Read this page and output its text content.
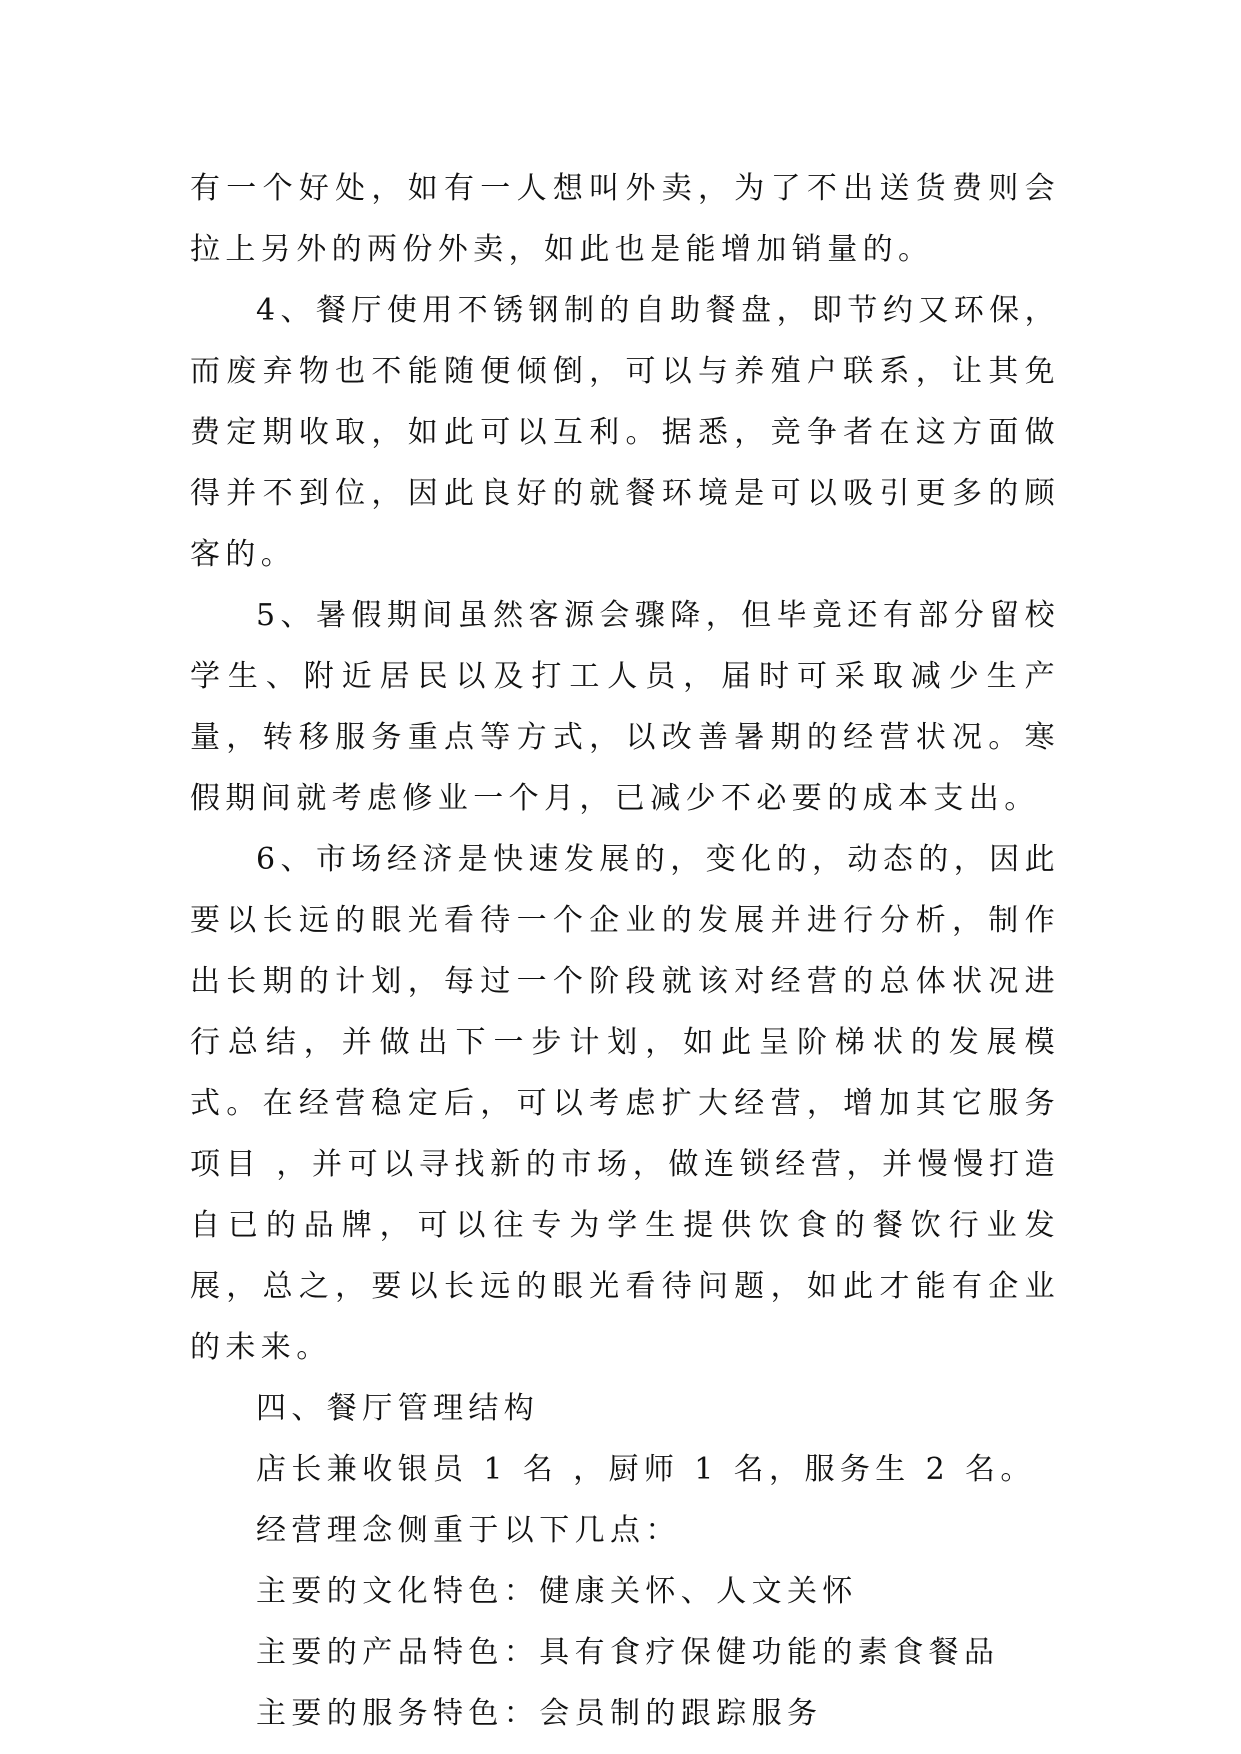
有一个好处，如有一人想叫外卖，为了不出送货费则会拉上另外的两份外卖，如此也是能增加销量的。

4、餐厅使用不锈钢制的自助餐盘，即节约又环保，而废弃物也不能随便倾倒，可以与养殖户联系，让其免费定期收取，如此可以互利。据悉，竞争者在这方面做得并不到位，因此良好的就餐环境是可以吸引更多的顾客的。

5、暑假期间虽然客源会骤降，但毕竟还有部分留校学生、附近居民以及打工人员，届时可采取减少生产量，转移服务重点等方式，以改善暑期的经营状况。寒假期间就考虑修业一个月，已减少不必要的成本支出。

6、市场经济是快速发展的，变化的，动态的，因此要以长远的眼光看待一个企业的发展并进行分析，制作出长期的计划，每过一个阶段就该对经营的总体状况进行总结，并做出下一步计划，如此呈阶梯状的发展模式。在经营稳定后，可以考虑扩大经营，增加其它服务项目 ，并可以寻找新的市场，做连锁经营，并慢慢打造自已的品牌，可以往专为学生提供饮食的餐饮行业发展，总之，要以长远的眼光看待问题，如此才能有企业的未来。

四、餐厅管理结构

店长兼收银员 1 名 ，厨师 1 名，服务生 2 名。

经营理念侧重于以下几点：

主要的文化特色：健康关怀、人文关怀

主要的产品特色：具有食疗保健功能的素食餐品

主要的服务特色：会员制的跟踪服务
